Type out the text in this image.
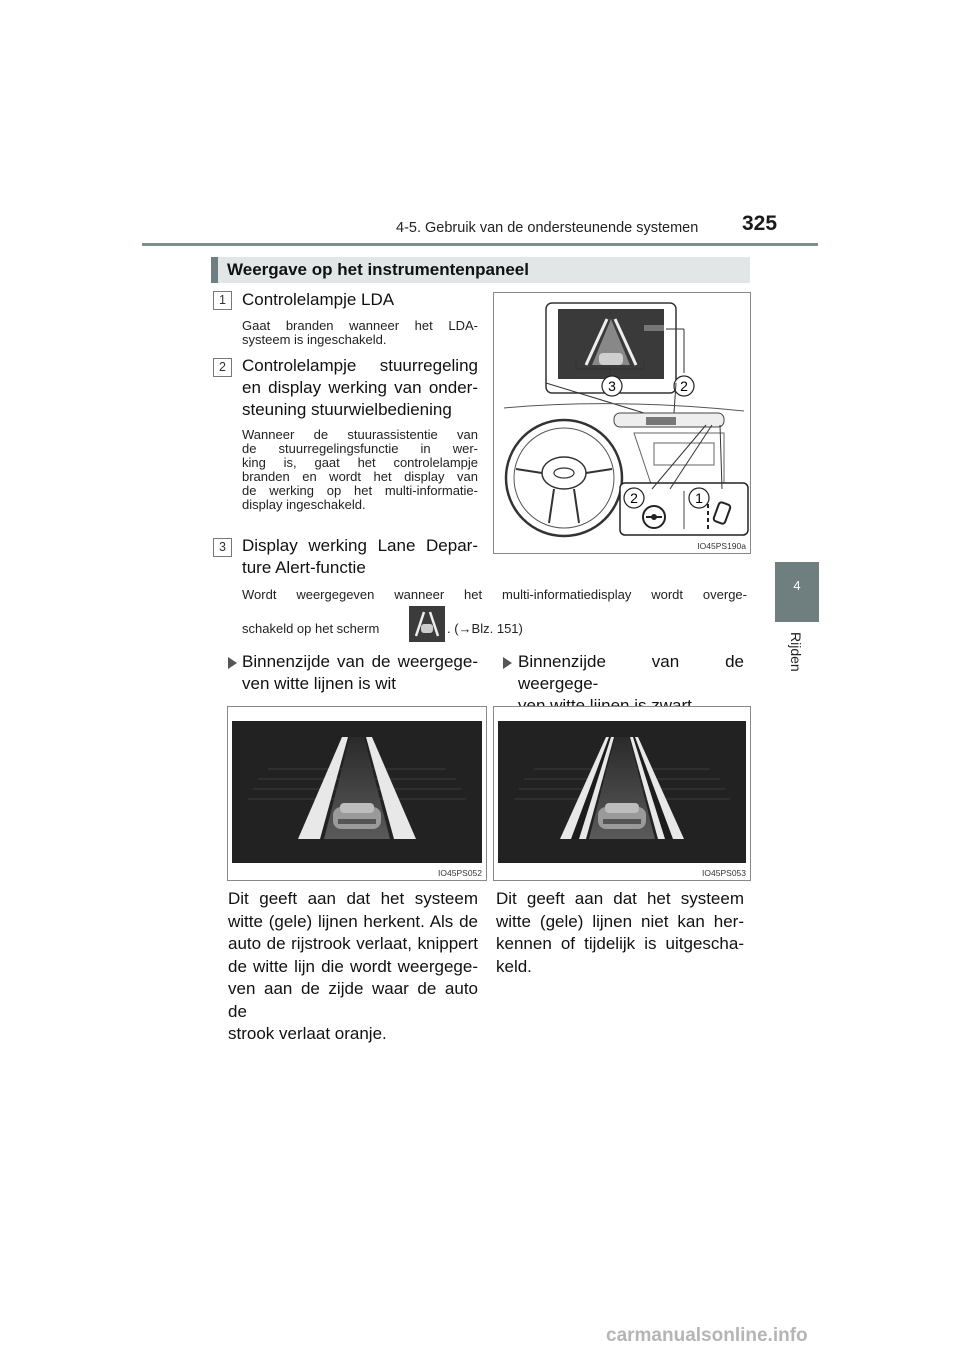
4-5. Gebruik van de ondersteunende systemen 325
4
Rijden
Weergave op het instrumentenpaneel
1 Controlelampje LDA
Gaat branden wanneer het LDA-
systeem is ingeschakeld.
2 Controlelampje stuurregeling
en display werking van onder-
steuning stuurwielbediening
Wanneer de stuurassistentie van
de stuurregelingsfunctie in wer-
king is, gaat het controlelampje
branden en wordt het display van
de werking op het multi-informatie-
display ingeschakeld.
3 Display werking Lane Depar-
ture Alert-functie
3	2
2	1
IO45PS190a
Wordt weergegeven wanneer het multi-informatiedisplay wordt overge-
schakeld op het scherm	. (→Blz. 151)
Binnenzijde van de weergege-
ven witte lijnen is wit
Binnenzijde van de weergege-
IO45PS052	IO45PS053
Dit geeft aan dat het systeem
witte (gele) lijnen herkent. Als de
auto de rijstrook verlaat, knippert
de witte lijn die wordt weergege-
ven aan de zijde waar de auto de
strook verlaat oranje.
Dit geeft aan dat het systeem
witte (gele) lijnen niet kan her-
kennen of tijdelijk is uitgescha-
keld.
carmanualsonline.info
